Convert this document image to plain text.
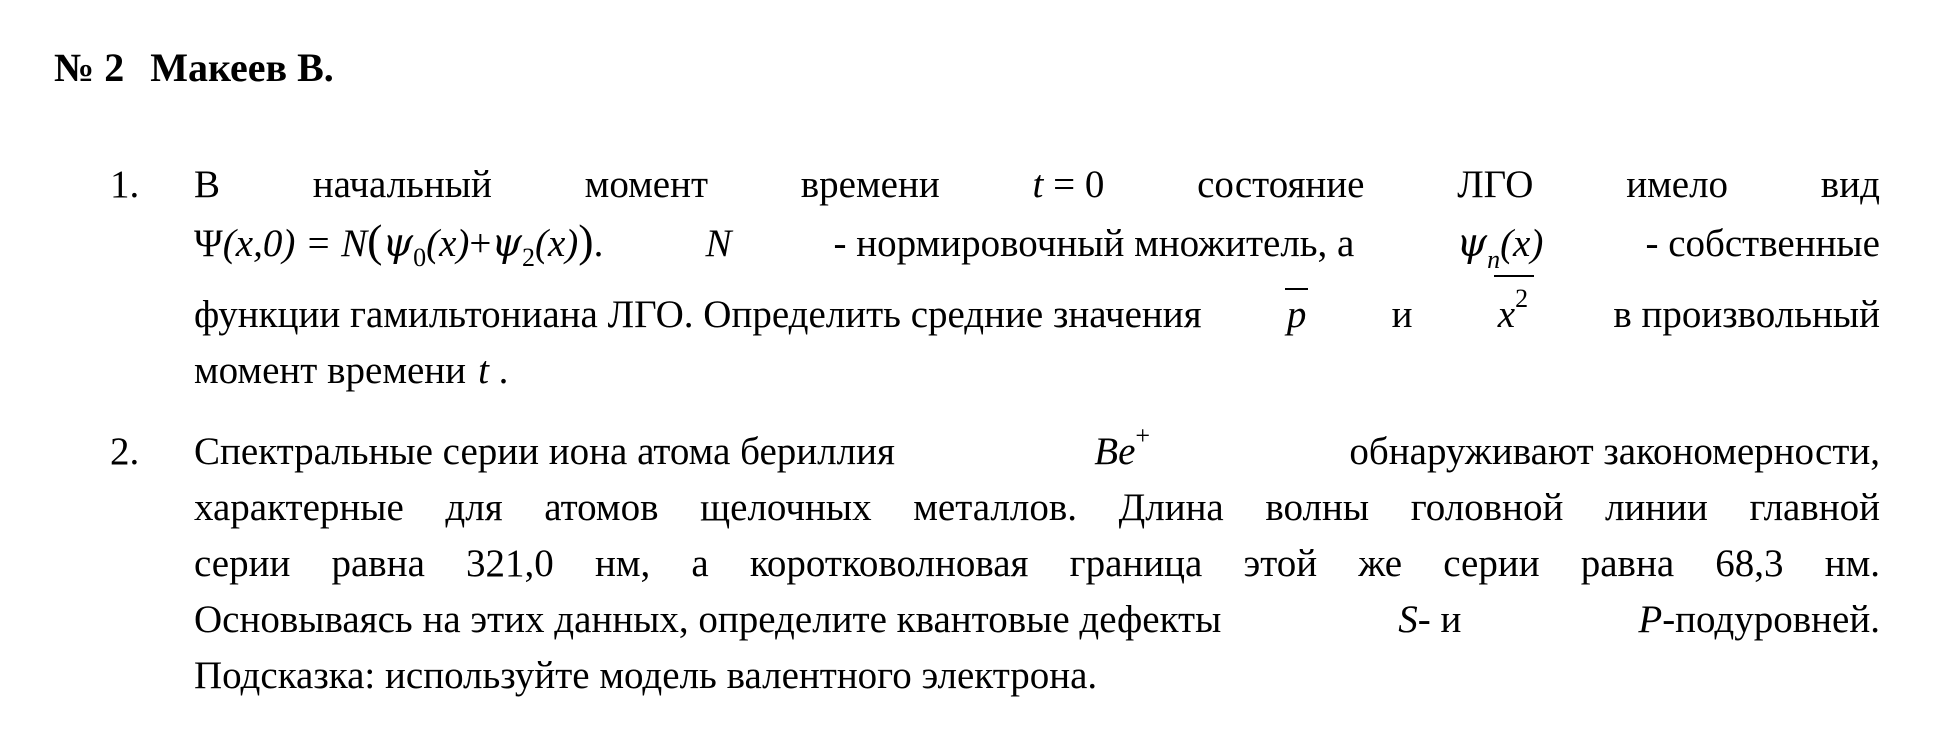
№ 2 Макеев В.
1. В начальный момент времени t = 0 состояние ЛГО имело вид
$\Psi(x,0) = N(\psi_0(x)+\psi_2(x))$.	N	- нормировочный множитель, а	$\psi_n(x)$	- собственные
функции гамильтониана ЛГО. Определить средние значения p и $x^2$ в произвольный
момент времени t .
2. Спектральные серии иона атома бериллия	Be+	обнаруживают закономерности,
характерные для атомов щелочных металлов. Длина волны головной линии главной
серии равна 321,0 нм, а коротковолновая граница этой же серии равна 68,3 нм.
Основываясь на этих данных, определите квантовые дефекты	S- и	P-подуровней.
Подсказка: используйте модель валентного электрона.
